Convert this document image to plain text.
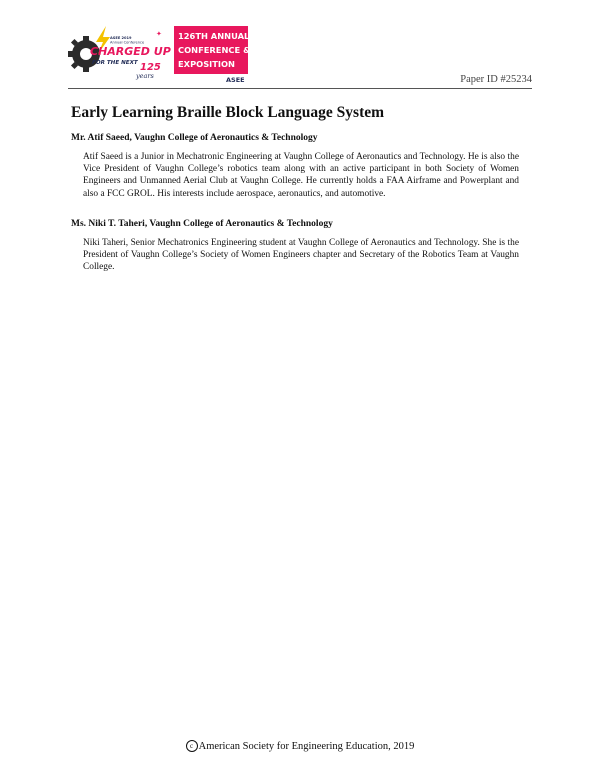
ASEE 2019
Annual Conference
CHARGED UP
FOR THE NEXT 125
years
✦ 126TH ANNUAL
CONFERENCE &
EXPOSITION
ASEE	Paper ID #25234
Early Learning Braille Block Language System
Mr. Atif Saeed, Vaughn College of Aeronautics & Technology

Atif Saeed is a Junior in Mechatronic Engineering at Vaughn College of Aeronautics and Technology. He is also the Vice President of Vaughn College’s robotics team along with an active participant in both Society of Women Engineers and Unmanned Aerial Club at Vaughn College. He currently holds a FAA Airframe and Powerplant and also a FCC GROL. His interests include aerospace, aeronautics, and automotive.

Ms. Niki T. Taheri, Vaughn College of Aeronautics & Technology

Niki Taheri, Senior Mechatronics Engineering student at Vaughn College of Aeronautics and Technology. She is the President of Vaughn College’s Society of Women Engineers chapter and Secretary of the Robotics Team at Vaughn College.

c American Society for Engineering Education, 2019
